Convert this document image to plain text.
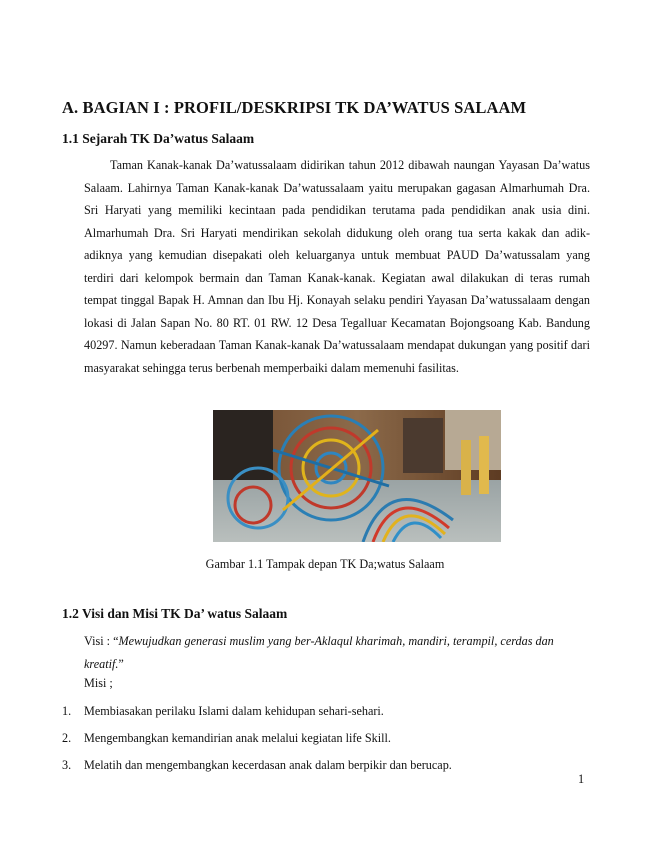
A. BAGIAN I : PROFIL/DESKRIPSI TK DA’WATUS SALAAM
1.1 Sejarah TK Da’watus Salaam
Taman Kanak-kanak Da’watussalaam didirikan tahun 2012 dibawah naungan Yayasan Da’watus Salaam. Lahirnya Taman Kanak-kanak Da’watussalaam yaitu merupakan gagasan Almarhumah Dra. Sri Haryati yang memiliki kecintaan pada pendidikan terutama pada pendidikan anak usia dini. Almarhumah Dra. Sri Haryati mendirikan sekolah didukung oleh orang tua serta kakak dan adik-adiknya yang kemudian disepakati oleh keluarganya untuk membuat PAUD Da’watussalam yang terdiri dari kelompok bermain dan Taman Kanak-kanak. Kegiatan awal dilakukan di teras rumah tempat tinggal Bapak H. Amnan dan Ibu Hj. Konayah selaku pendiri Yayasan Da’watussalaam dengan lokasi di Jalan Sapan No. 80 RT. 01 RW. 12 Desa Tegalluar Kecamatan Bojongsoang Kab. Bandung 40297. Namun keberadaan Taman Kanak-kanak Da’watussalaam mendapat dukungan yang positif dari masyarakat sehingga terus berbenah memperbaiki dalam memenuhi fasilitas.
Gambar 1.1 Tampak depan TK Da;watus Salaam
1.2 Visi dan Misi TK Da’ watus Salaam
Visi : “Mewujudkan generasi muslim yang ber-Aklaqul kharimah, mandiri, terampil, cerdas dan kreatif.”
Misi ;
1.	Membiasakan perilaku Islami dalam kehidupan sehari-sehari.
2.	Mengembangkan kemandirian anak melalui kegiatan life Skill.
3.	Melatih dan mengembangkan kecerdasan anak dalam berpikir dan berucap.
1
